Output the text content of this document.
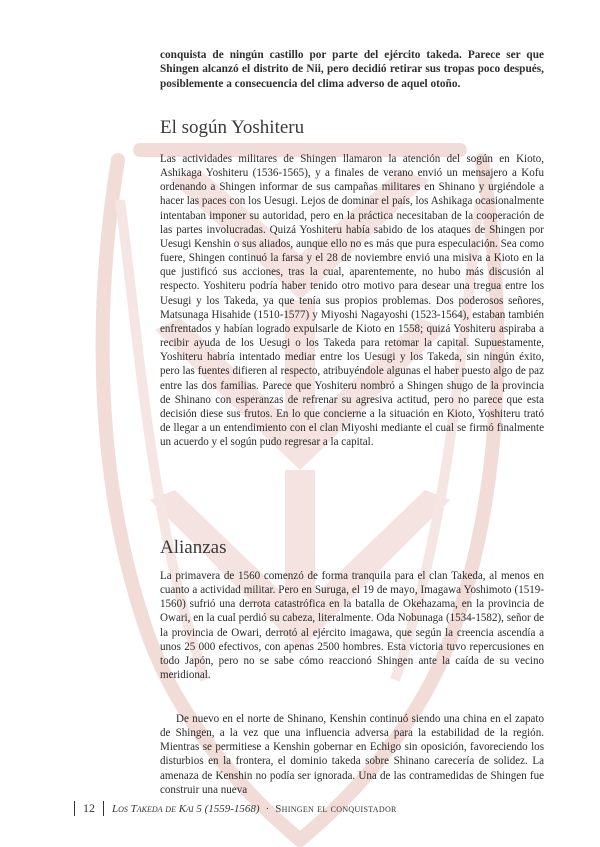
conquista de ningún castillo por parte del ejército takeda. Parece ser que Shingen alcanzó el distrito de Nii, pero decidió retirar sus tropas poco después, posiblemente a consecuencia del clima adverso de aquel otoño.

El sogún Yoshiteru

Las actividades militares de Shingen llamaron la atención del sogún en Kioto, Ashikaga Yoshiteru (1536-1565), y a finales de verano envió un mensajero a Kofu ordenando a Shingen informar de sus campañas militares en Shinano y urgiéndole a hacer las paces con los Uesugi. Lejos de dominar el país, los Ashikaga ocasionalmente intentaban imponer su autoridad, pero en la práctica necesitaban de la cooperación de las partes involucradas. Quizá Yoshiteru había sabido de los ataques de Shingen por Uesugi Kenshin o sus aliados, aunque ello no es más que pura especulación. Sea como fuere, Shingen continuó la farsa y el 28 de noviembre envió una misiva a Kioto en la que justificó sus acciones, tras la cual, aparentemente, no hubo más discusión al respecto. Yoshiteru podría haber tenido otro motivo para desear una tregua entre los Uesugi y los Takeda, ya que tenía sus propios problemas. Dos poderosos señores, Matsunaga Hisahide (1510-1577) y Miyoshi Nagayoshi (1523-1564), estaban también enfrentados y habían logrado expulsarle de Kioto en 1558; quizá Yoshiteru aspiraba a recibir ayuda de los Uesugi o los Takeda para retomar la capital. Supuestamente, Yoshiteru habría intentado mediar entre los Uesugi y los Takeda, sin ningún éxito, pero las fuentes difieren al respecto, atribuyéndole algunas el haber puesto algo de paz entre las dos familias. Parece que Yoshiteru nombró a Shingen shugo de la provincia de Shinano con esperanzas de refrenar su agresiva actitud, pero no parece que esta decisión diese sus frutos. En lo que concierne a la situación en Kioto, Yoshiteru trató de llegar a un entendimiento con el clan Miyoshi mediante el cual se firmó finalmente un acuerdo y el sogún pudo regresar a la capital.

Alianzas

La primavera de 1560 comenzó de forma tranquila para el clan Takeda, al menos en cuanto a actividad militar. Pero en Suruga, el 19 de mayo, Imagawa Yoshimoto (1519-1560) sufrió una derrota catastrófica en la batalla de Okehazama, en la provincia de Owari, en la cual perdió su cabeza, literalmente. Oda Nobunaga (1534-1582), señor de la provincia de Owari, derrotó al ejército imagawa, que según la creencia ascendía a unos 25 000 efectivos, con apenas 2500 hombres. Esta victoria tuvo repercusiones en todo Japón, pero no se sabe cómo reaccionó Shingen ante la caída de su vecino meridional.

De nuevo en el norte de Shinano, Kenshin continuó siendo una china en el zapato de Shingen, a la vez que una influencia adversa para la estabilidad de la región. Mientras se permitiese a Kenshin gobernar en Echigo sin oposición, favoreciendo los disturbios en la frontera, el dominio takeda sobre Shinano carecería de solidez. La amenaza de Kenshin no podía ser ignorada. Una de las contramedidas de Shingen fue construir una nueva

12 Los Takeda de Kai 5 (1559-1568) · Shingen el conquistador
